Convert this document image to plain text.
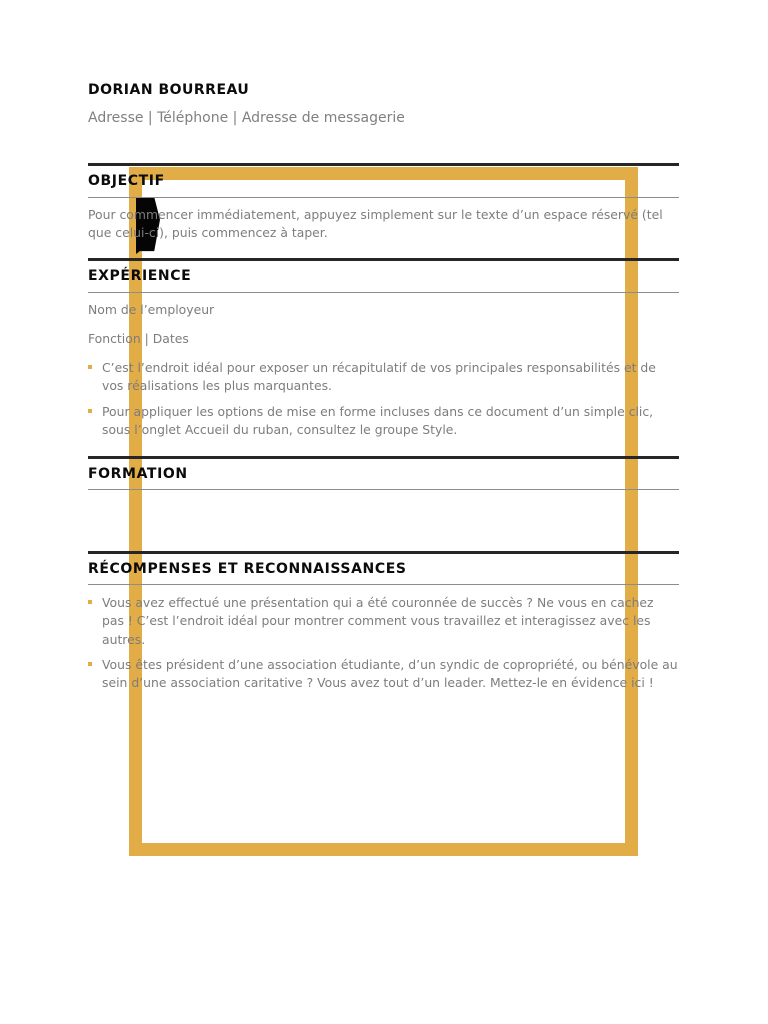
DORIAN BOURREAU
Adresse | Téléphone | Adresse de messagerie
OBJECTIF
Pour commencer immédiatement, appuyez simplement sur le texte d’un espace réservé (tel que celui-ci), puis commencez à taper.
EXPÉRIENCE
Nom de l’employeur
Fonction | Dates
C’est l’endroit idéal pour exposer un récapitulatif de vos principales responsabilités et de vos réalisations les plus marquantes.
Pour appliquer les options de mise en forme incluses dans ce document d’un simple clic, sous l’onglet Accueil du ruban, consultez le groupe Style.
FORMATION
RÉCOMPENSES ET RECONNAISSANCES
Vous avez effectué une présentation qui a été couronnée de succès ? Ne vous en cachez pas ! C’est l’endroit idéal pour montrer comment vous travaillez et interagissez avec les autres.
Vous êtes président d’une association étudiante, d’un syndic de copropriété, ou bénévole au sein d’une association caritative ? Vous avez tout d’un leader. Mettez-le en évidence ici !
